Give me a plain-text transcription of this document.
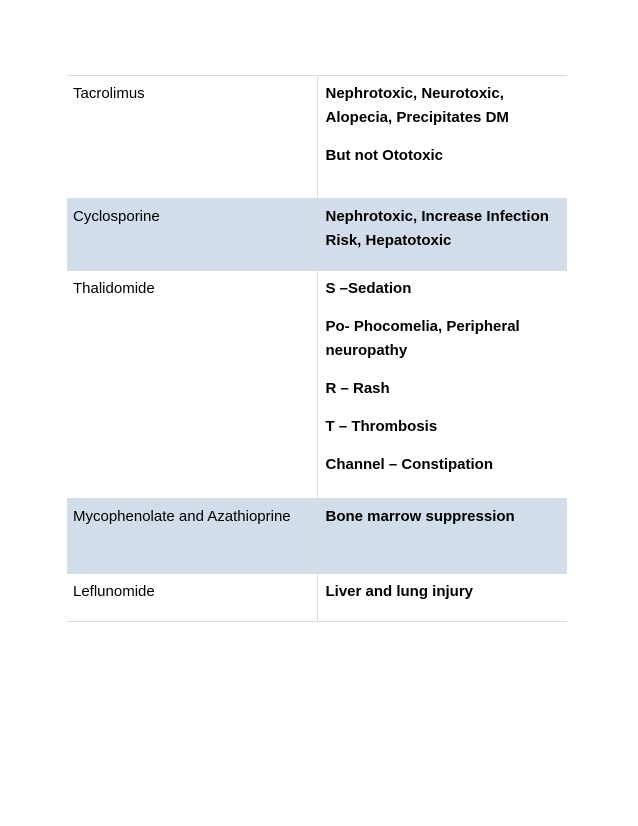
Tacrolimus	Nephrotoxic, Neurotoxic, Alopecia, Precipitates DM
But not Ototoxic

Cyclosporine	Nephrotoxic, Increase Infection Risk, Hepatotoxic

Thalidomide	S –Sedation
Po- Phocomelia, Peripheral neuropathy
R – Rash
T – Thrombosis
Channel – Constipation

Mycophenolate and Azathioprine	Bone marrow suppression

Leflunomide	Liver and lung injury
